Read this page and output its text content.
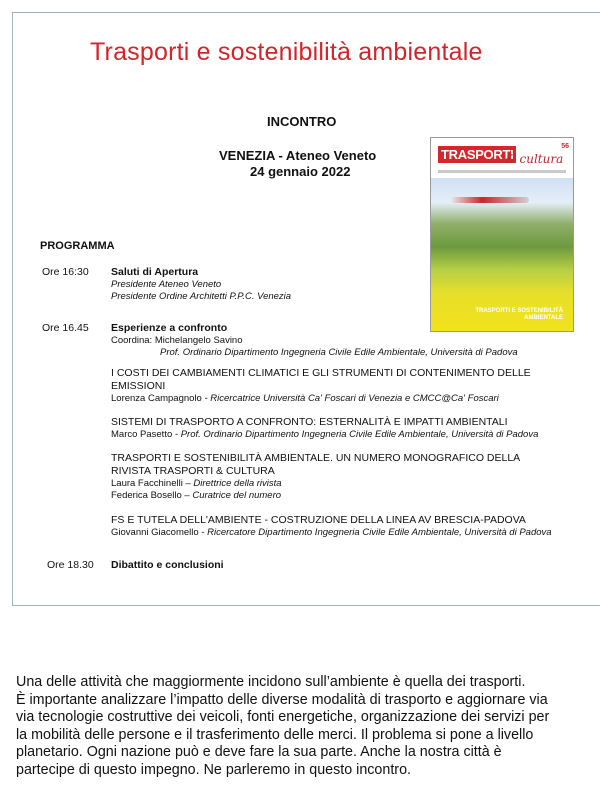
Trasporti e sostenibilità ambientale
INCONTRO
VENEZIA - Ateneo Veneto
24 gennaio 2022
TRASPORTI
& cultura
56
TRASPORTI E SOSTENIBILITÀ
AMBIENTALE
PROGRAMMA
Ore 16:30 Saluti di Apertura
Presidente Ateneo Veneto
Presidente Ordine Architetti P.P.C. Venezia
Ore 16.45 Esperienze a confronto
Coordina: Michelangelo Savino
Prof. Ordinario Dipartimento Ingegneria Civile Edile Ambientale, Università di Padova
I COSTI DEI CAMBIAMENTI CLIMATICI E GLI STRUMENTI DI CONTENIMENTO DELLE
EMISSIONI
Lorenza Campagnolo - Ricercatrice Università Ca' Foscari di Venezia e CMCC@Ca' Foscari
SISTEMI DI TRASPORTO A CONFRONTO: ESTERNALITÀ E IMPATTI AMBIENTALI
Marco Pasetto - Prof. Ordinario Dipartimento Ingegneria Civile Edile Ambientale, Università di Padova
TRASPORTI E SOSTENIBILITÀ AMBIENTALE. UN NUMERO MONOGRAFICO DELLA
RIVISTA TRASPORTI & CULTURA
Laura Facchinelli – Direttrice della rivista
Federica Bosello – Curatrice del numero
FS E TUTELA DELL'AMBIENTE - COSTRUZIONE DELLA LINEA AV BRESCIA-PADOVA
Giovanni Giacomello - Ricercatore Dipartimento Ingegneria Civile Edile Ambientale, Università di Padova
Ore 18.30 Dibattito e conclusioni
Una delle attività che maggiormente incidono sull’ambiente è quella dei trasporti.
È importante analizzare l’impatto delle diverse modalità di trasporto e aggiornare via
via tecnologie costruttive dei veicoli, fonti energetiche, organizzazione dei servizi per
la mobilità delle persone e il trasferimento delle merci. Il problema si pone a livello
planetario. Ogni nazione può e deve fare la sua parte. Anche la nostra città è
partecipe di questo impegno. Ne parleremo in questo incontro.
